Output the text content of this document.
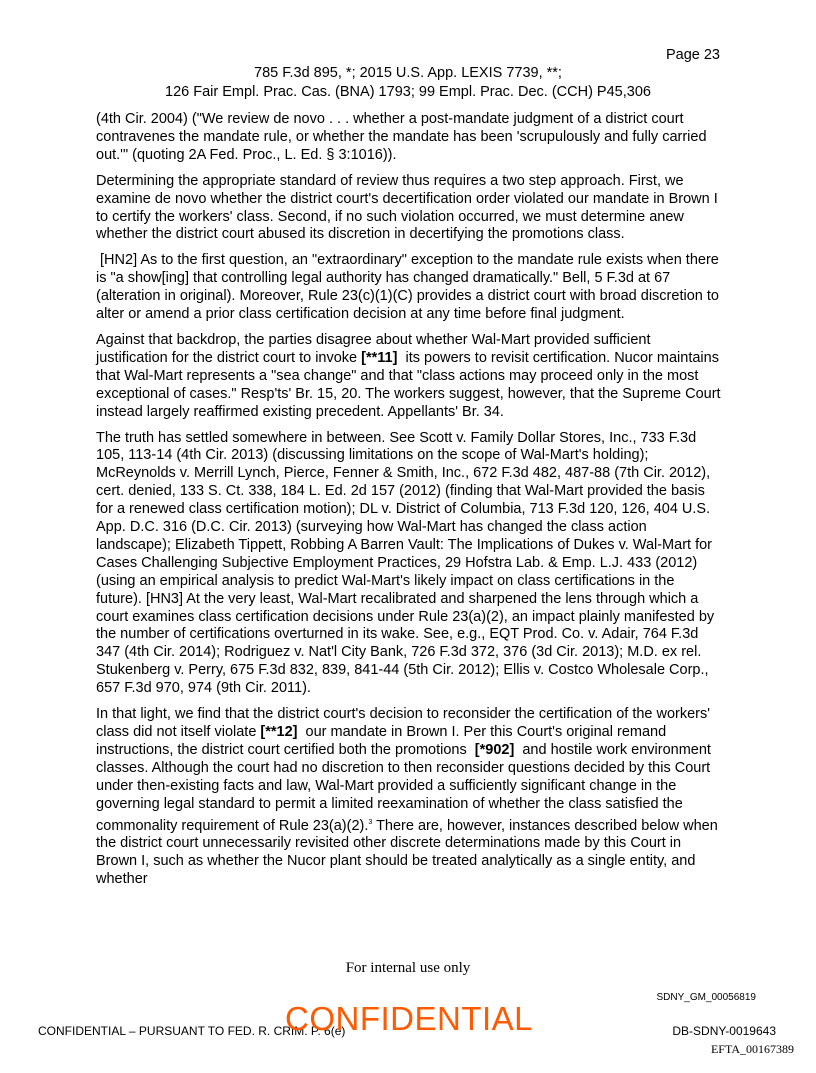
Page 23
785 F.3d 895, *; 2015 U.S. App. LEXIS 7739, **;
126 Fair Empl. Prac. Cas. (BNA) 1793; 99 Empl. Prac. Dec. (CCH) P45,306

(4th Cir. 2004) ("We review de novo . . . whether a post-mandate judgment of a district court contravenes the mandate rule, or whether the mandate has been 'scrupulously and fully carried out.'" (quoting 2A Fed. Proc., L. Ed. § 3:1016)).

Determining the appropriate standard of review thus requires a two step approach. First, we examine de novo whether the district court's decertification order violated our mandate in Brown I to certify the workers' class. Second, if no such violation occurred, we must determine anew whether the district court abused its discretion in decertifying the promotions class.

[HN2] As to the first question, an "extraordinary" exception to the mandate rule exists when there is "a show[ing] that controlling legal authority has changed dramatically." Bell, 5 F.3d at 67 (alteration in original). Moreover, Rule 23(c)(1)(C) provides a district court with broad discretion to alter or amend a prior class certification decision at any time before final judgment.

Against that backdrop, the parties disagree about whether Wal-Mart provided sufficient justification for the district court to invoke [**11]  its powers to revisit certification. Nucor maintains that Wal-Mart represents a "sea change" and that "class actions may proceed only in the most exceptional of cases." Resp'ts' Br. 15, 20. The workers suggest, however, that the Supreme Court instead largely reaffirmed existing precedent. Appellants' Br. 34.

The truth has settled somewhere in between. See Scott v. Family Dollar Stores, Inc., 733 F.3d 105, 113-14 (4th Cir. 2013) (discussing limitations on the scope of Wal-Mart's holding); McReynolds v. Merrill Lynch, Pierce, Fenner & Smith, Inc., 672 F.3d 482, 487-88 (7th Cir. 2012), cert. denied, 133 S. Ct. 338, 184 L. Ed. 2d 157 (2012) (finding that Wal-Mart provided the basis for a renewed class certification motion); DL v. District of Columbia, 713 F.3d 120, 126, 404 U.S. App. D.C. 316 (D.C. Cir. 2013) (surveying how Wal-Mart has changed the class action landscape); Elizabeth Tippett, Robbing A Barren Vault: The Implications of Dukes v. Wal-Mart for Cases Challenging Subjective Employment Practices, 29 Hofstra Lab. & Emp. L.J. 433 (2012) (using an empirical analysis to predict Wal-Mart's likely impact on class certifications in the future). [HN3] At the very least, Wal-Mart recalibrated and sharpened the lens through which a court examines class certification decisions under Rule 23(a)(2), an impact plainly manifested by the number of certifications overturned in its wake. See, e.g., EQT Prod. Co. v. Adair, 764 F.3d 347 (4th Cir. 2014); Rodriguez v. Nat'l City Bank, 726 F.3d 372, 376 (3d Cir. 2013); M.D. ex rel. Stukenberg v. Perry, 675 F.3d 832, 839, 841-44 (5th Cir. 2012); Ellis v. Costco Wholesale Corp., 657 F.3d 970, 974 (9th Cir. 2011).

In that light, we find that the district court's decision to reconsider the certification of the workers' class did not itself violate [**12]  our mandate in Brown I. Per this Court's original remand instructions, the district court certified both the promotions  [*902]  and hostile work environment classes. Although the court had no discretion to then reconsider questions decided by this Court under then-existing facts and law, Wal-Mart provided a sufficiently significant change in the governing legal standard to permit a limited reexamination of whether the class satisfied the commonality requirement of Rule 23(a)(2).$^3$ There are, however, instances described below when the district court unnecessarily revisited other discrete determinations made by this Court in Brown I, such as whether the Nucor plant should be treated analytically as a single entity, and whether

For internal use only
SDNY_GM_00056819
CONFIDENTIAL – PURSUANT TO FED. R. CRIM. P. 6(e)
CONFIDENTIAL	DB-SDNY-0019643
EFTA_00167389
